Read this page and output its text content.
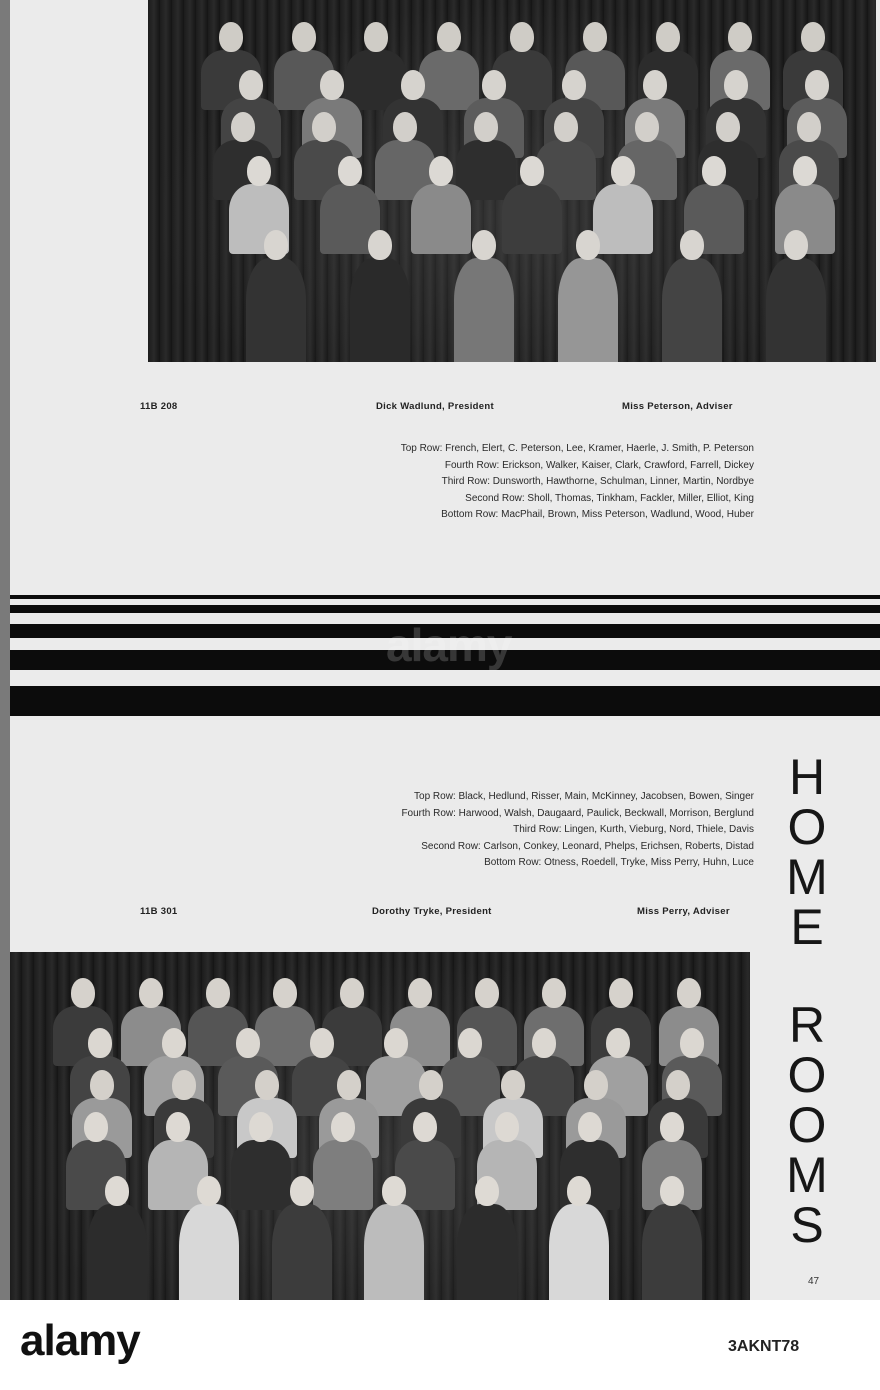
11B 208	Dick Wadlund, President	Miss Peterson, Adviser
Top Row: French, Elert, C. Peterson, Lee, Kramer, Haerle, J. Smith, P. Peterson
Fourth Row: Erickson, Walker, Kaiser, Clark, Crawford, Farrell, Dickey
Third Row: Dunsworth, Hawthorne, Schulman, Linner, Martin, Nordbye
Second Row: Sholl, Thomas, Tinkham, Fackler, Miller, Elliot, King
Bottom Row: MacPhail, Brown, Miss Peterson, Wadlund, Wood, Huber
Top Row: Black, Hedlund, Risser, Main, McKinney, Jacobsen, Bowen, Singer
Fourth Row: Harwood, Walsh, Daugaard, Paulick, Beckwall, Morrison, Berglund
Third Row: Lingen, Kurth, Vieburg, Nord, Thiele, Davis
Second Row: Carlson, Conkey, Leonard, Phelps, Erichsen, Roberts, Distad
Bottom Row: Otness, Roedell, Tryke, Miss Perry, Huhn, Luce
11B 301	Dorothy Tryke, President	Miss Perry, Adviser
H
O
M
E
R
O
O
M
S
47
alamy
alamy	3AKNT78
